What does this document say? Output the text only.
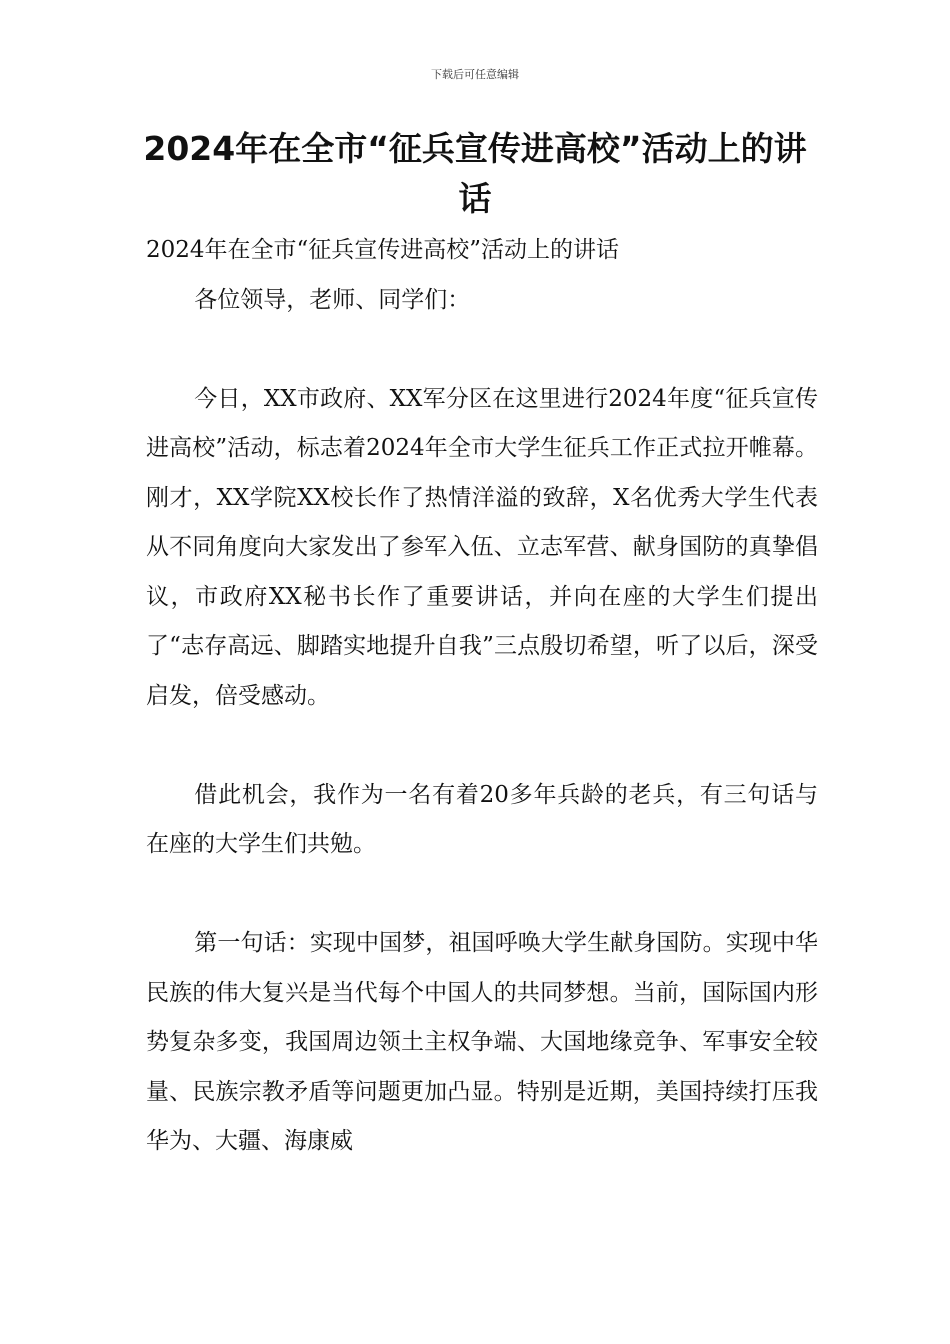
下载后可任意编辑
2024年在全市“征兵宣传进高校”活动上的讲话

2024年在全市“征兵宣传进高校”活动上的讲话

各位领导，老师、同学们：

今日，XX市政府、XX军分区在这里进行2024年度“征兵宣传进高校”活动，标志着2024年全市大学生征兵工作正式拉开帷幕。刚才，XX学院XX校长作了热情洋溢的致辞，X名优秀大学生代表从不同角度向大家发出了参军入伍、立志军营、献身国防的真挚倡议，市政府XX秘书长作了重要讲话，并向在座的大学生们提出了“志存高远、脚踏实地提升自我”三点殷切希望，听了以后，深受启发，倍受感动。

借此机会，我作为一名有着20多年兵龄的老兵，有三句话与在座的大学生们共勉。

第一句话：实现中国梦，祖国呼唤大学生献身国防。实现中华民族的伟大复兴是当代每个中国人的共同梦想。当前，国际国内形势复杂多变，我国周边领土主权争端、大国地缘竞争、军事安全较量、民族宗教矛盾等问题更加凸显。特别是近期，美国持续打压我华为、大疆、海康威
